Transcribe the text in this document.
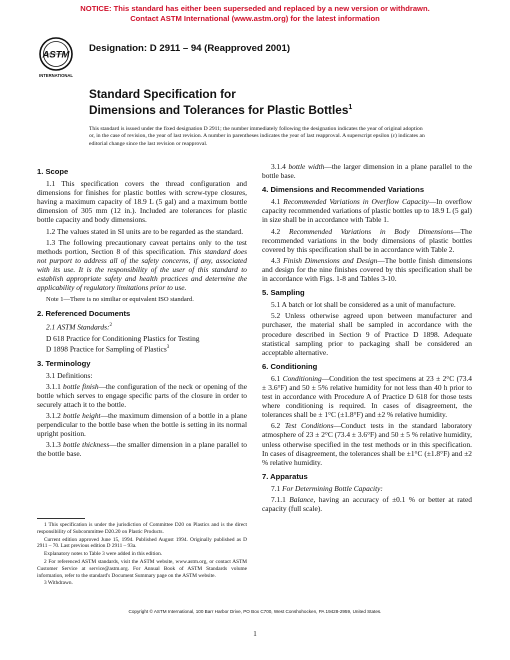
NOTICE: This standard has either been superseded and replaced by a new version or withdrawn.
Contact ASTM International (www.astm.org) for the latest information
ASTM
INTERNATIONAL
Designation: D 2911 – 94 (Reapproved 2001)
Standard Specification for
Dimensions and Tolerances for Plastic Bottles$^1$
This standard is issued under the fixed designation D 2911; the number immediately following the designation indicates the year of original adoption or, in the case of revision, the year of last revision. A number in parentheses indicates the year of last reapproval. A superscript epsilon (ε) indicates an editorial change since the last revision or reapproval.
1. Scope

1.1 This specification covers the thread configuration and dimensions for finishes for plastic bottles with screw-type closures, having a maximum capacity of 18.9 L (5 gal) and a maximum bottle dimension of 305 mm (12 in.). Included are tolerances for plastic bottle capacity and body dimensions.

1.2 The values stated in SI units are to be regarded as the standard.

1.3 The following precautionary caveat pertains only to the test methods portion, Section 8 of this specification. This standard does not purport to address all of the safety concerns, if any, associated with its use. It is the responsibility of the user of this standard to establish appropriate safety and health practices and determine the applicability of regulatory limitations prior to use.

Note 1—There is no similiar or equivalent ISO standard.

2. Referenced Documents

2.1 ASTM Standards:$^2$

D 618 Practice for Conditioning Plastics for Testing

D 1898 Practice for Sampling of Plastics$^3$

3. Terminology

3.1 Definitions:

3.1.1 bottle finish—the configuration of the neck or opening of the bottle which serves to engage specific parts of the closure in order to securely attach it to the bottle.

3.1.2 bottle height—the maximum dimension of a bottle in a plane perpendicular to the bottle base when the bottle is setting in its normal upright position.

3.1.3 bottle thickness—the smaller dimension in a plane parallel to the bottle base.

3.1.4 bottle width—the larger dimension in a plane parallel to the bottle base.

4. Dimensions and Recommended Variations

4.1 Recommended Variations in Overflow Capacity—In overflow capacity recommended variations of plastic bottles up to 18.9 L (5 gal) in size shall be in accordance with Table 1.

4.2 Recommended Variations in Body Dimensions—The recommended variations in the body dimensions of plastic bottles covered by this specification shall be in accordance with Table 2.

4.3 Finish Dimensions and Design—The bottle finish dimensions and design for the nine finishes covered by this specification shall be in accordance with Figs. 1-8 and Tables 3-10.

5. Sampling

5.1 A batch or lot shall be considered as a unit of manufacture.

5.2 Unless otherwise agreed upon between manufacturer and purchaser, the material shall be sampled in accordance with the procedure described in Section 9 of Practice D 1898. Adequate statistical sampling prior to packaging shall be considered an acceptable alternative.

6. Conditioning

6.1 Conditioning—Condition the test specimens at 23 ± 2°C (73.4 ± 3.6°F) and 50 ± 5% relative humidity for not less than 40 h prior to test in accordance with Procedure A of Practice D 618 for those tests where conditioning is required. In cases of disagreement, the tolerances shall be ± 1°C (±1.8°F) and ±2 % relative humidity.

6.2 Test Conditions—Conduct tests in the standard laboratory atmosphere of 23 ± 2°C (73.4 ± 3.6°F) and 50 ± 5 % relative humidity, unless otherwise specified in the test methods or in this specification. In cases of disagreement, the tolerances shall be ±1°C (±1.8°F) and ±2 % relative humidity.

7. Apparatus

7.1 For Determining Bottle Capacity:

7.1.1 Balance, having an accuracy of ±0.1 % or better at rated capacity (full scale).

1 This specification is under the jurisdiction of Committee D20 on Plastics and is the direct responsibility of Subcommittee D20.20 on Plastic Products.

Current edition approved June 15, 1994. Published August 1994. Originally published as D 2911 – 70. Last previous edition D 2911 – 93a.

Explanatory notes to Table 3 were added in this edition.

2 For referenced ASTM standards, visit the ASTM website, www.astm.org, or contact ASTM Customer Service at service@astm.org. For Annual Book of ASTM Standards volume information, refer to the standard's Document Summary page on the ASTM website.

3 Withdrawn.

Copyright © ASTM International, 100 Barr Harbor Drive, PO Box C700, West Conshohocken, PA 19428-2959, United States.
1
